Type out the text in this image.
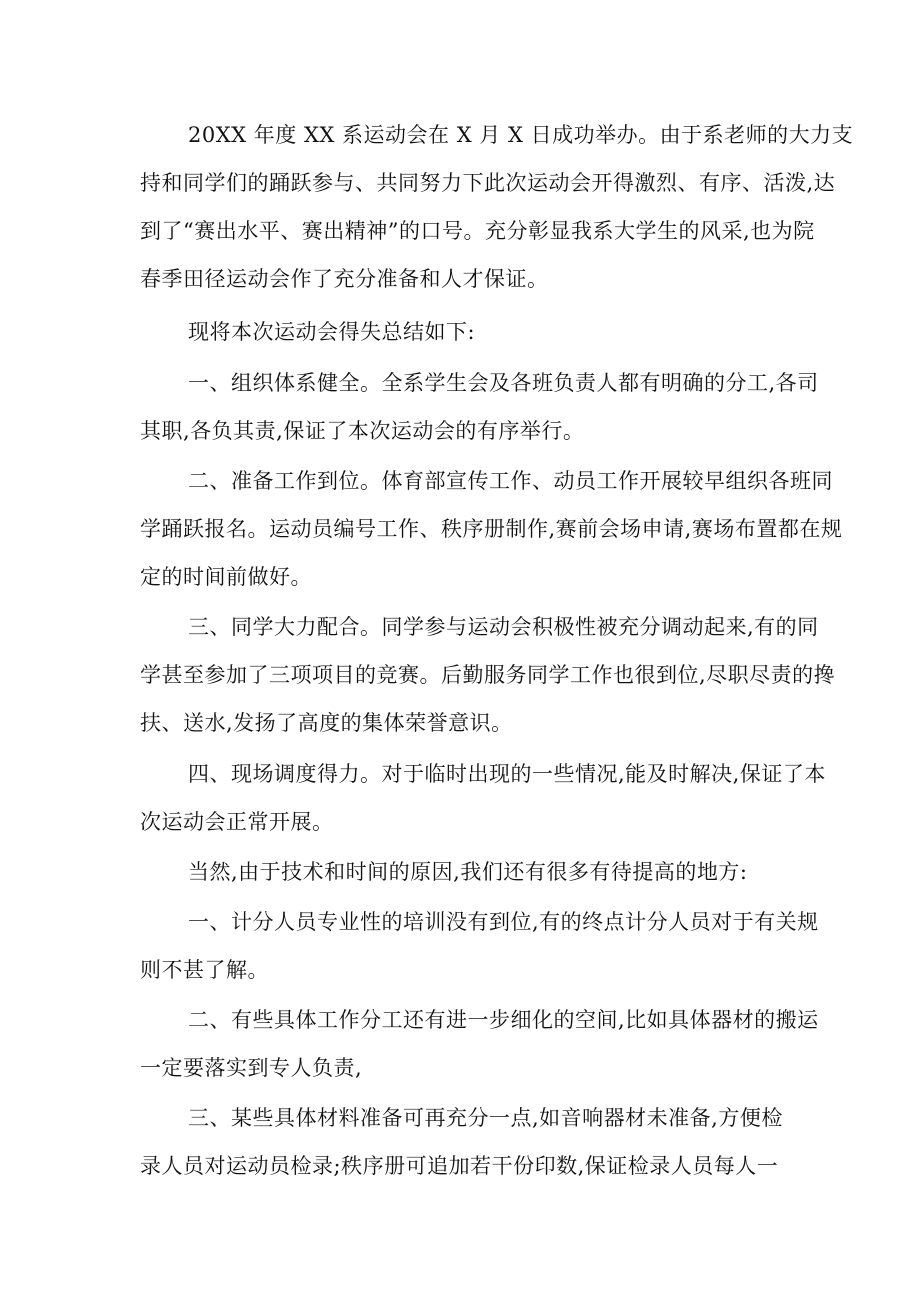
20XX 年度 XX 系运动会在 X 月 X 日成功举办。由于系老师的大力支
持和同学们的踊跃参与、共同努力下此次运动会开得激烈、有序、活泼,达
到了“赛出水平、赛出精神”的口号。充分彰显我系大学生的风采,也为院
春季田径运动会作了充分准备和人才保证。
现将本次运动会得失总结如下:
一、组织体系健全。全系学生会及各班负责人都有明确的分工,各司
其职,各负其责,保证了本次运动会的有序举行。
二、准备工作到位。体育部宣传工作、动员工作开展较早组织各班同
学踊跃报名。运动员编号工作、秩序册制作,赛前会场申请,赛场布置都在规
定的时间前做好。
三、同学大力配合。同学参与运动会积极性被充分调动起来,有的同
学甚至参加了三项项目的竞赛。后勤服务同学工作也很到位,尽职尽责的搀
扶、送水,发扬了高度的集体荣誉意识。
四、现场调度得力。对于临时出现的一些情况,能及时解决,保证了本
次运动会正常开展。
当然,由于技术和时间的原因,我们还有很多有待提高的地方:
一、计分人员专业性的培训没有到位,有的终点计分人员对于有关规
则不甚了解。
二、有些具体工作分工还有进一步细化的空间,比如具体器材的搬运
一定要落实到专人负责,
三、某些具体材料准备可再充分一点,如音响器材未准备,方便检
录人员对运动员检录;秩序册可追加若干份印数,保证检录人员每人一
